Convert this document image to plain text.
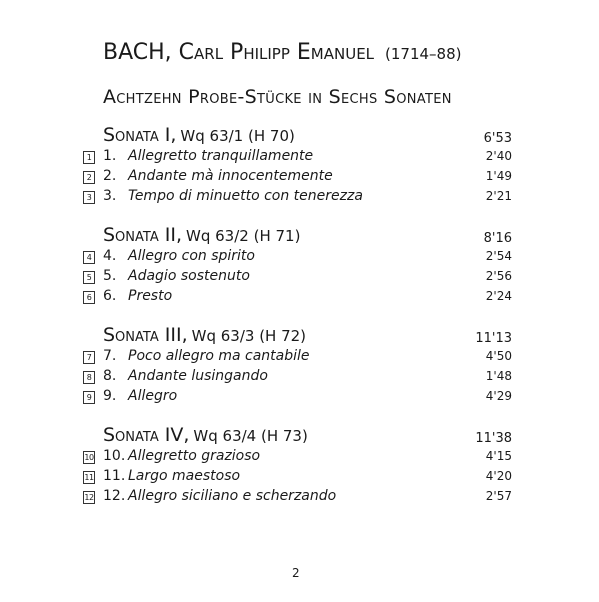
BACH, Carl Philipp Emanuel (1714–88)
Achtzehn Probe-Stücke in Sechs Sonaten
Sonata I, Wq 63/1 (H 70)	6'53
1 1. Allegretto tranquillamente	2'40
2 2. Andante mà innocentemente	1'49
3 3. Tempo di minuetto con tenerezza	2'21
Sonata II, Wq 63/2 (H 71)	8'16
4 4. Allegro con spirito	2'54
5 5. Adagio sostenuto	2'56
6 6. Presto	2'24
Sonata III, Wq 63/3 (H 72)	11'13
7 7. Poco allegro ma cantabile	4'50
8 8. Andante lusingando	1'48
9 9. Allegro	4'29
Sonata IV, Wq 63/4 (H 73)	11'38
10 10. Allegretto grazioso	4'15
11 11. Largo maestoso	4'20
12 12. Allegro siciliano e scherzando	2'57
2
